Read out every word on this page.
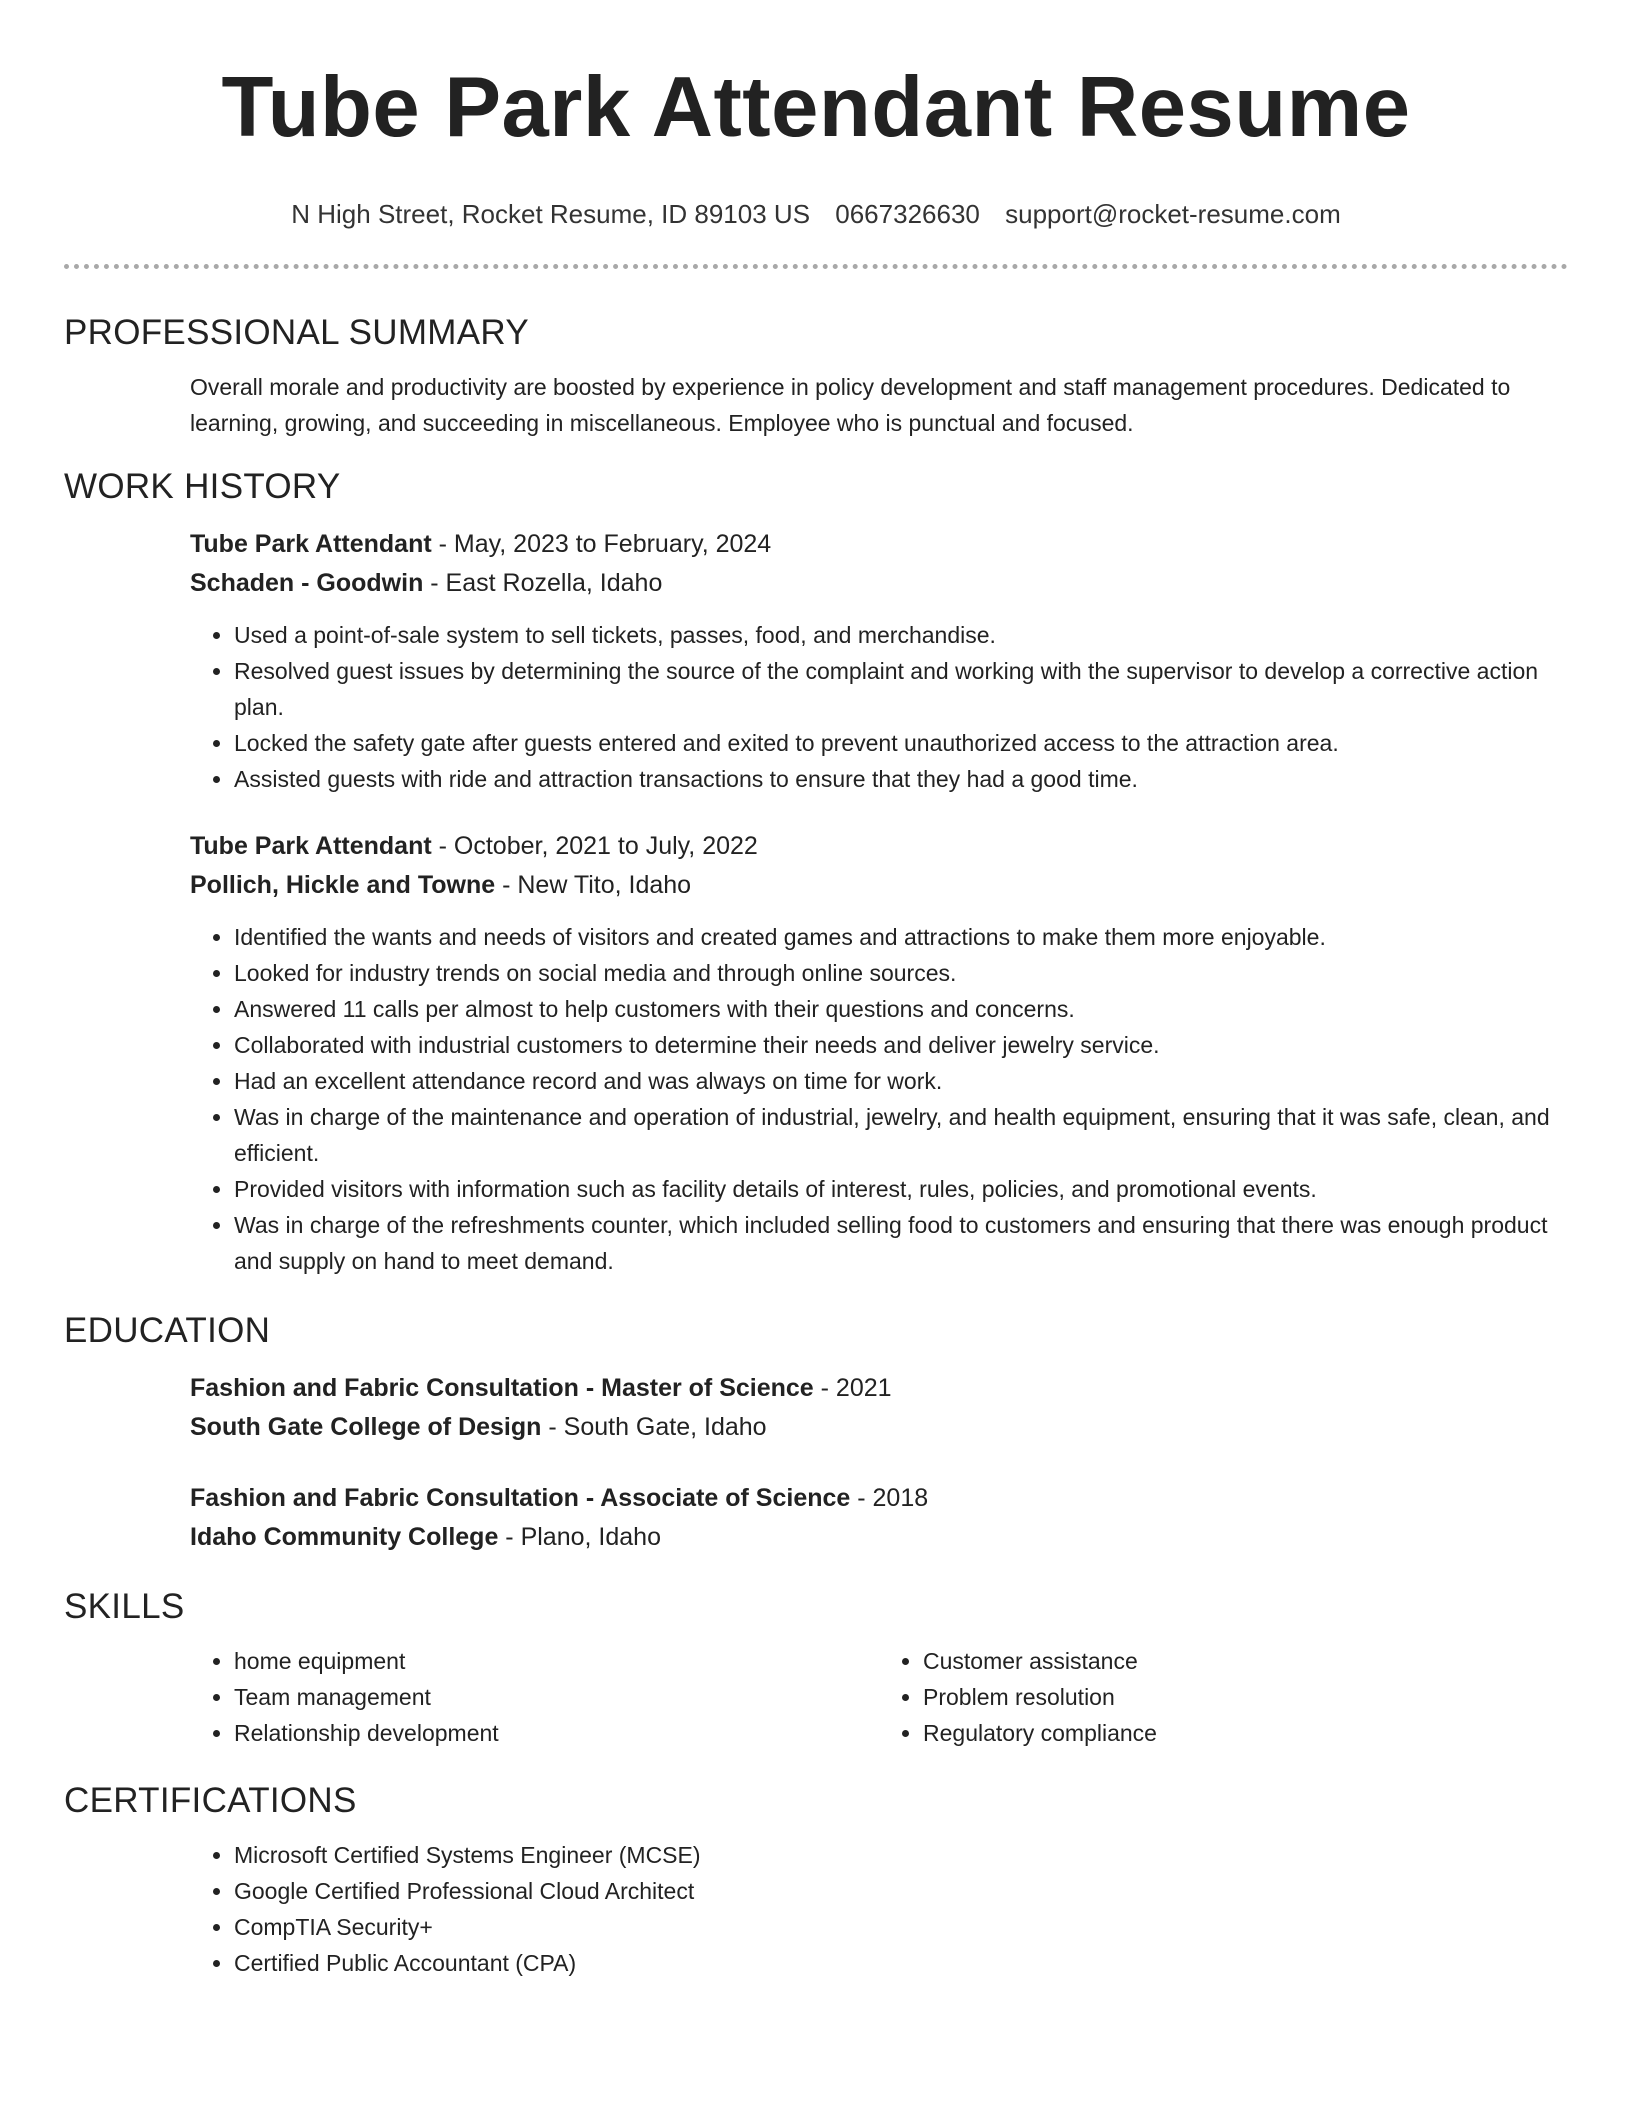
Tube Park Attendant Resume
N High Street, Rocket Resume, ID 89103 US 0667326630 support@rocket-resume.com
PROFESSIONAL SUMMARY

Overall morale and productivity are boosted by experience in policy development and staff management procedures. Dedicated to learning, growing, and succeeding in miscellaneous. Employee who is punctual and focused.

WORK HISTORY
Tube Park Attendant - May, 2023 to February, 2024
Schaden - Goodwin - East Rozella, Idaho
• Used a point-of-sale system to sell tickets, passes, food, and merchandise.
• Resolved guest issues by determining the source of the complaint and working with the supervisor to develop a corrective action plan.
• Locked the safety gate after guests entered and exited to prevent unauthorized access to the attraction area.
• Assisted guests with ride and attraction transactions to ensure that they had a good time.
Tube Park Attendant - October, 2021 to July, 2022
Pollich, Hickle and Towne - New Tito, Idaho
• Identified the wants and needs of visitors and created games and attractions to make them more enjoyable.
• Looked for industry trends on social media and through online sources.
• Answered 11 calls per almost to help customers with their questions and concerns.
• Collaborated with industrial customers to determine their needs and deliver jewelry service.
• Had an excellent attendance record and was always on time for work.
• Was in charge of the maintenance and operation of industrial, jewelry, and health equipment, ensuring that it was safe, clean, and efficient.
• Provided visitors with information such as facility details of interest, rules, policies, and promotional events.
• Was in charge of the refreshments counter, which included selling food to customers and ensuring that there was enough product and supply on hand to meet demand.
EDUCATION
Fashion and Fabric Consultation - Master of Science - 2021
South Gate College of Design - South Gate, Idaho
Fashion and Fabric Consultation - Associate of Science - 2018
Idaho Community College - Plano, Idaho
SKILLS
• home equipment
• Team management
• Relationship development
• Customer assistance
• Problem resolution
• Regulatory compliance
CERTIFICATIONS
• Microsoft Certified Systems Engineer (MCSE)
• Google Certified Professional Cloud Architect
• CompTIA Security+
• Certified Public Accountant (CPA)
